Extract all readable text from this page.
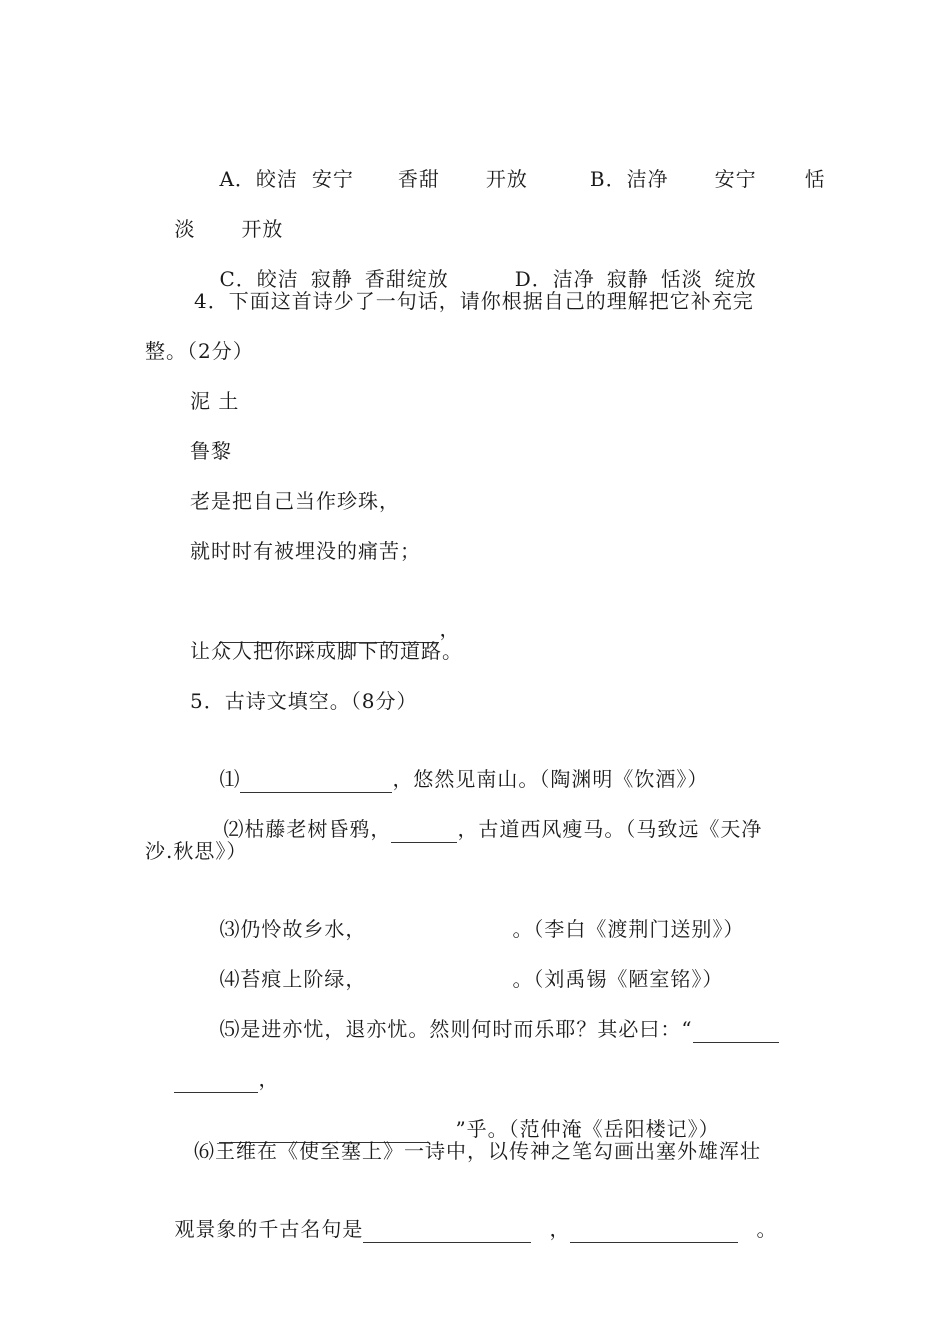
A．皎洁 安宁 香甜 开放	B．洁净 安宁 恬

淡 开放

C．皎洁 寂静 香甜绽放	D．洁净 寂静 恬淡 绽放

4．下面这首诗少了一句话，请你根据自己的理解把它补充完
整。（2分）
泥 土
鲁黎
老是把自己当作珍珠，
就时时有被埋没的痛苦；

，

让众人把你踩成脚下的道路。
5．古诗文填空。（8分）

⑴	，悠然见南山。（陶渊明《饮酒》）

⑵枯藤老树昏鸦，	，古道西风瘦马。（马致远《天净

沙.秋思》）

⑶仍怜故乡水，	。（李白《渡荆门送别》）

⑷苔痕上阶绿，	。（刘禹锡《陋室铭》）

⑸是进亦忧，退亦忧。然则何时而乐耶？其必曰：“

，

”乎。（范仲淹《岳阳楼记》）

⑹王维在《使至塞上》一诗中，以传神之笔勾画出塞外雄浑壮

观景象的千古名句是	，	。
